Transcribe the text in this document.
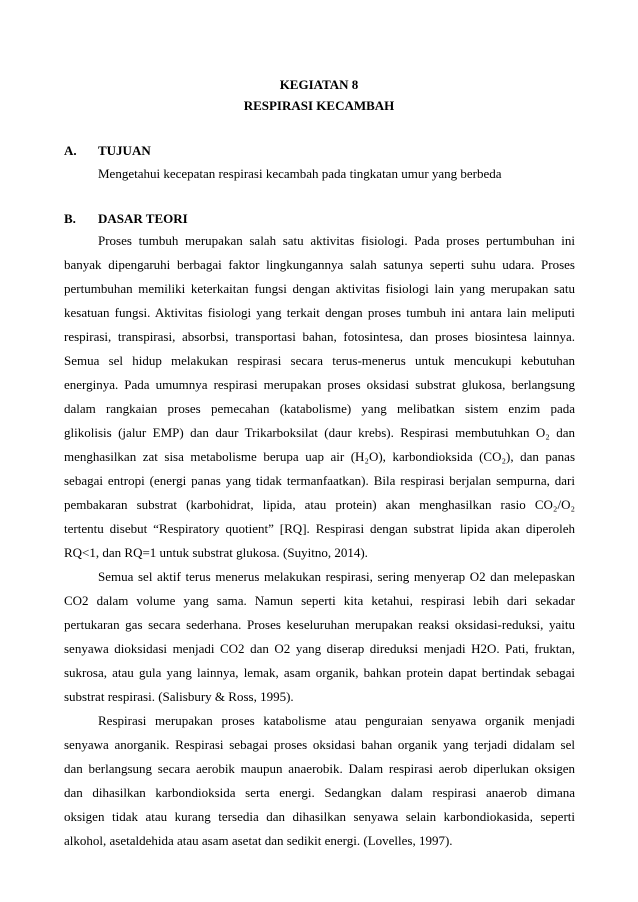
KEGIATAN 8
RESPIRASI KECAMBAH
A. TUJUAN
Mengetahui kecepatan respirasi kecambah pada tingkatan umur yang berbeda
B. DASAR TEORI
Proses tumbuh merupakan salah satu aktivitas fisiologi. Pada proses pertumbuhan ini
banyak dipengaruhi berbagai faktor lingkungannya salah satunya seperti suhu udara. Proses
pertumbuhan memiliki keterkaitan fungsi dengan aktivitas fisiologi lain yang merupakan satu
kesatuan fungsi. Aktivitas fisiologi yang terkait dengan proses tumbuh ini antara lain meliputi
respirasi, transpirasi, absorbsi, transportasi bahan, fotosintesa, dan proses biosintesa lainnya.
Semua sel hidup melakukan respirasi secara terus-menerus untuk mencukupi kebutuhan
energinya. Pada umumnya respirasi merupakan proses oksidasi substrat glukosa, berlangsung
dalam rangkaian proses pemecahan (katabolisme) yang melibatkan sistem enzim pada
glikolisis (jalur EMP) dan daur Trikarboksilat (daur krebs). Respirasi membutuhkan O₂ dan
menghasilkan zat sisa metabolisme berupa uap air (H₂O), karbondioksida (CO₂), dan panas
sebagai entropi (energi panas yang tidak termanfaatkan). Bila respirasi berjalan sempurna, dari
pembakaran substrat (karbohidrat, lipida, atau protein) akan menghasilkan rasio CO₂/O₂
tertentu disebut “Respiratory quotient” [RQ]. Respirasi dengan substrat lipida akan diperoleh
RQ<1, dan RQ=1 untuk substrat glukosa. (Suyitno, 2014).
Semua sel aktif terus menerus melakukan respirasi, sering menyerap O2 dan melepaskan
CO2 dalam volume yang sama. Namun seperti kita ketahui, respirasi lebih dari sekadar
pertukaran gas secara sederhana. Proses keseluruhan merupakan reaksi oksidasi-reduksi, yaitu
senyawa dioksidasi menjadi CO2 dan O2 yang diserap direduksi menjadi H2O. Pati, fruktan,
sukrosa, atau gula yang lainnya, lemak, asam organik, bahkan protein dapat bertindak sebagai
substrat respirasi. (Salisbury & Ross, 1995).
Respirasi merupakan proses katabolisme atau penguraian senyawa organik menjadi
senyawa anorganik. Respirasi sebagai proses oksidasi bahan organik yang terjadi didalam sel
dan berlangsung secara aerobik maupun anaerobik. Dalam respirasi aerob diperlukan oksigen
dan dihasilkan karbondioksida serta energi. Sedangkan dalam respirasi anaerob dimana
oksigen tidak atau kurang tersedia dan dihasilkan senyawa selain karbondiokasida, seperti
alkohol, asetaldehida atau asam asetat dan sedikit energi. (Lovelles, 1997).
